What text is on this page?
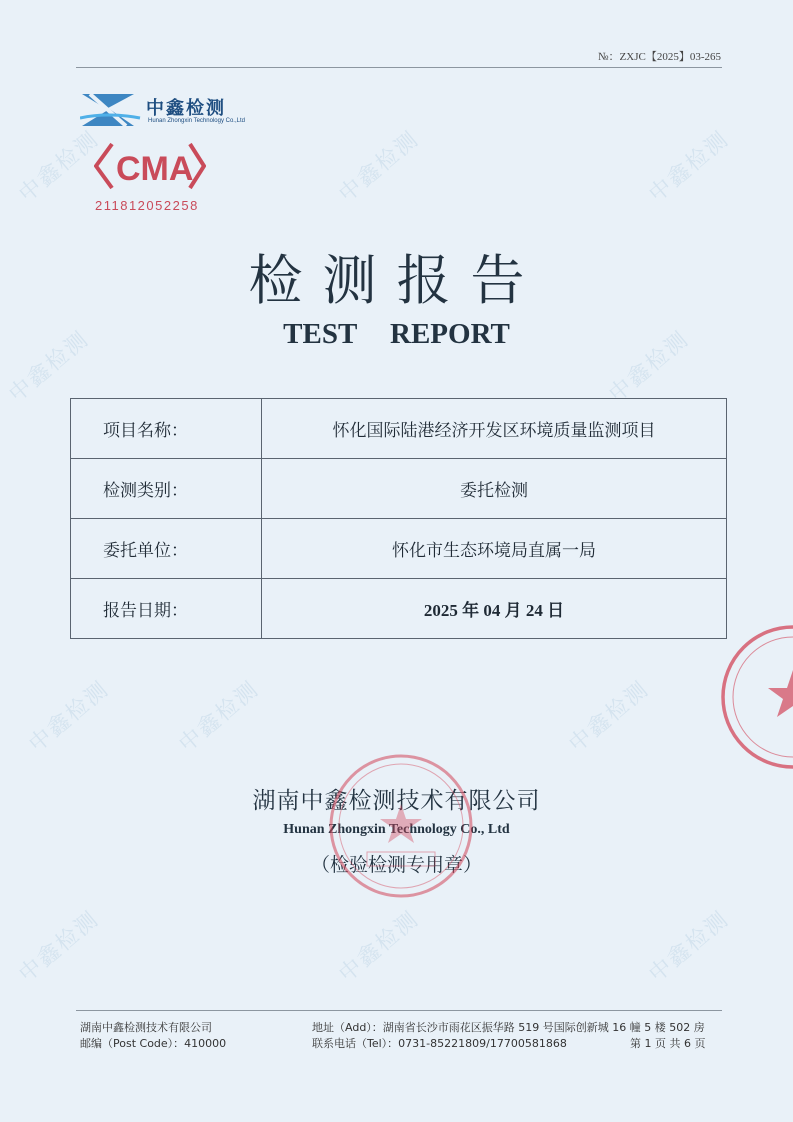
中鑫检测	中鑫检测	中鑫检测
中鑫检测	中鑫检测
中鑫检测	中鑫检测	中鑫检测
中鑫检测	中鑫检测	中鑫检测
№：ZXJC【2025】03-265
中鑫检测
Hunan Zhongxin Technology Co.,Ltd
CMA
211812052258
检测报告
TEST REPORT
项目名称：	怀化国际陆港经济开发区环境质量监测项目
检测类别：	委托检测
委托单位：	怀化市生态环境局直属一局
报告日期：	2025 年 04 月 24 日
湖南中鑫检测技术有限公司
Hunan Zhongxin Technology Co., Ltd
（检验检测专用章）
湖南中鑫检测技术有限公司
邮编（Post Code）：410000
地址（Add）：湖南省长沙市雨花区振华路 519 号国际创新城 16 幢 5 楼 502 房
联系电话（Tel）：0731-85221809/17700581868	第 1 页 共 6 页
